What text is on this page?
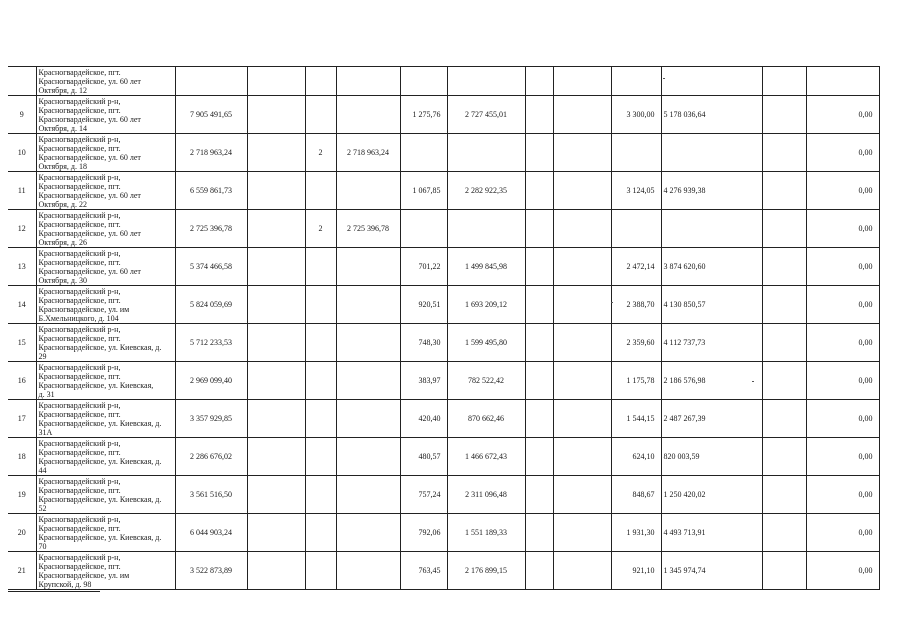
	Красногвардейское, пгт.
Красногвардейское, ул. 60 лет
Октября, д. 12												

9	Красногвардейский р-н,
Красногвардейское, пгт.
Красногвардейское, ул. 60 лет
Октября, д. 14	7 905 491,65				1 275,76	2 727 455,01			3 300,00	5 178 036,64		0,00
10	Красногвардейский р-н,
Красногвардейское, пгт.
Красногвардейское, ул. 60 лет
Октября, д. 18	2 718 963,24		2	2 718 963,24								0,00
11	Красногвардейский р-н,
Красногвардейское, пгт.
Красногвардейское, ул. 60 лет
Октября, д. 22	6 559 861,73				1 067,85	2 282 922,35			3 124,05	4 276 939,38		0,00
12	Красногвардейский р-н,
Красногвардейское, пгт.
Красногвардейское, ул. 60 лет
Октября, д. 26	2 725 396,78		2	2 725 396,78								0,00
13	Красногвардейский р-н,
Красногвардейское, пгт.
Красногвардейское, ул. 60 лет
Октября, д. 30	5 374 466,58				701,22	1 499 845,98			2 472,14	3 874 620,60		0,00
14	Красногвардейский р-н,
Красногвардейское, пгт.
Красногвардейское, ул. им
Б.Хмельницкого, д. 104	5 824 059,69				920,51	1 693 209,12			2 388,70	4 130 850,57		0,00
15	Красногвардейский р-н,
Красногвардейское, пгт.
Красногвардейское, ул. Киевская, д.
29	5 712 233,53				748,30	1 599 495,80			2 359,60	4 112 737,73		0,00
16	Красногвардейский р-н,
Красногвардейское, пгт.
Красногвардейское, ул. Киевская,
д. 31	2 969 099,40				383,97	782 522,42			1 175,78	2 186 576,98		0,00
17	Красногвардейский р-н,
Красногвардейское, пгт.
Красногвардейское, ул. Киевская, д.
31А	3 357 929,85				420,40	870 662,46			1 544,15	2 487 267,39		0,00
18	Красногвардейский р-н,
Красногвардейское, пгт.
Красногвардейское, ул. Киевская, д.
44	2 286 676,02				480,57	1 466 672,43			624,10	820 003,59		0,00
19	Красногвардейский р-н,
Красногвардейское, пгт.
Красногвардейское, ул. Киевская, д.
52	3 561 516,50				757,24	2 311 096,48			848,67	1 250 420,02		0,00
20	Красногвардейский р-н,
Красногвардейское, пгт.
Красногвардейское, ул. Киевская, д.
70	6 044 903,24				792,06	1 551 189,33			1 931,30	4 493 713,91		0,00
21	Красногвардейский р-н,
Красногвардейское, пгт.
Красногвардейское, ул. им
Крупской, д. 98	3 522 873,89				763,45	2 176 899,15			921,10	1 345 974,74		0,00
